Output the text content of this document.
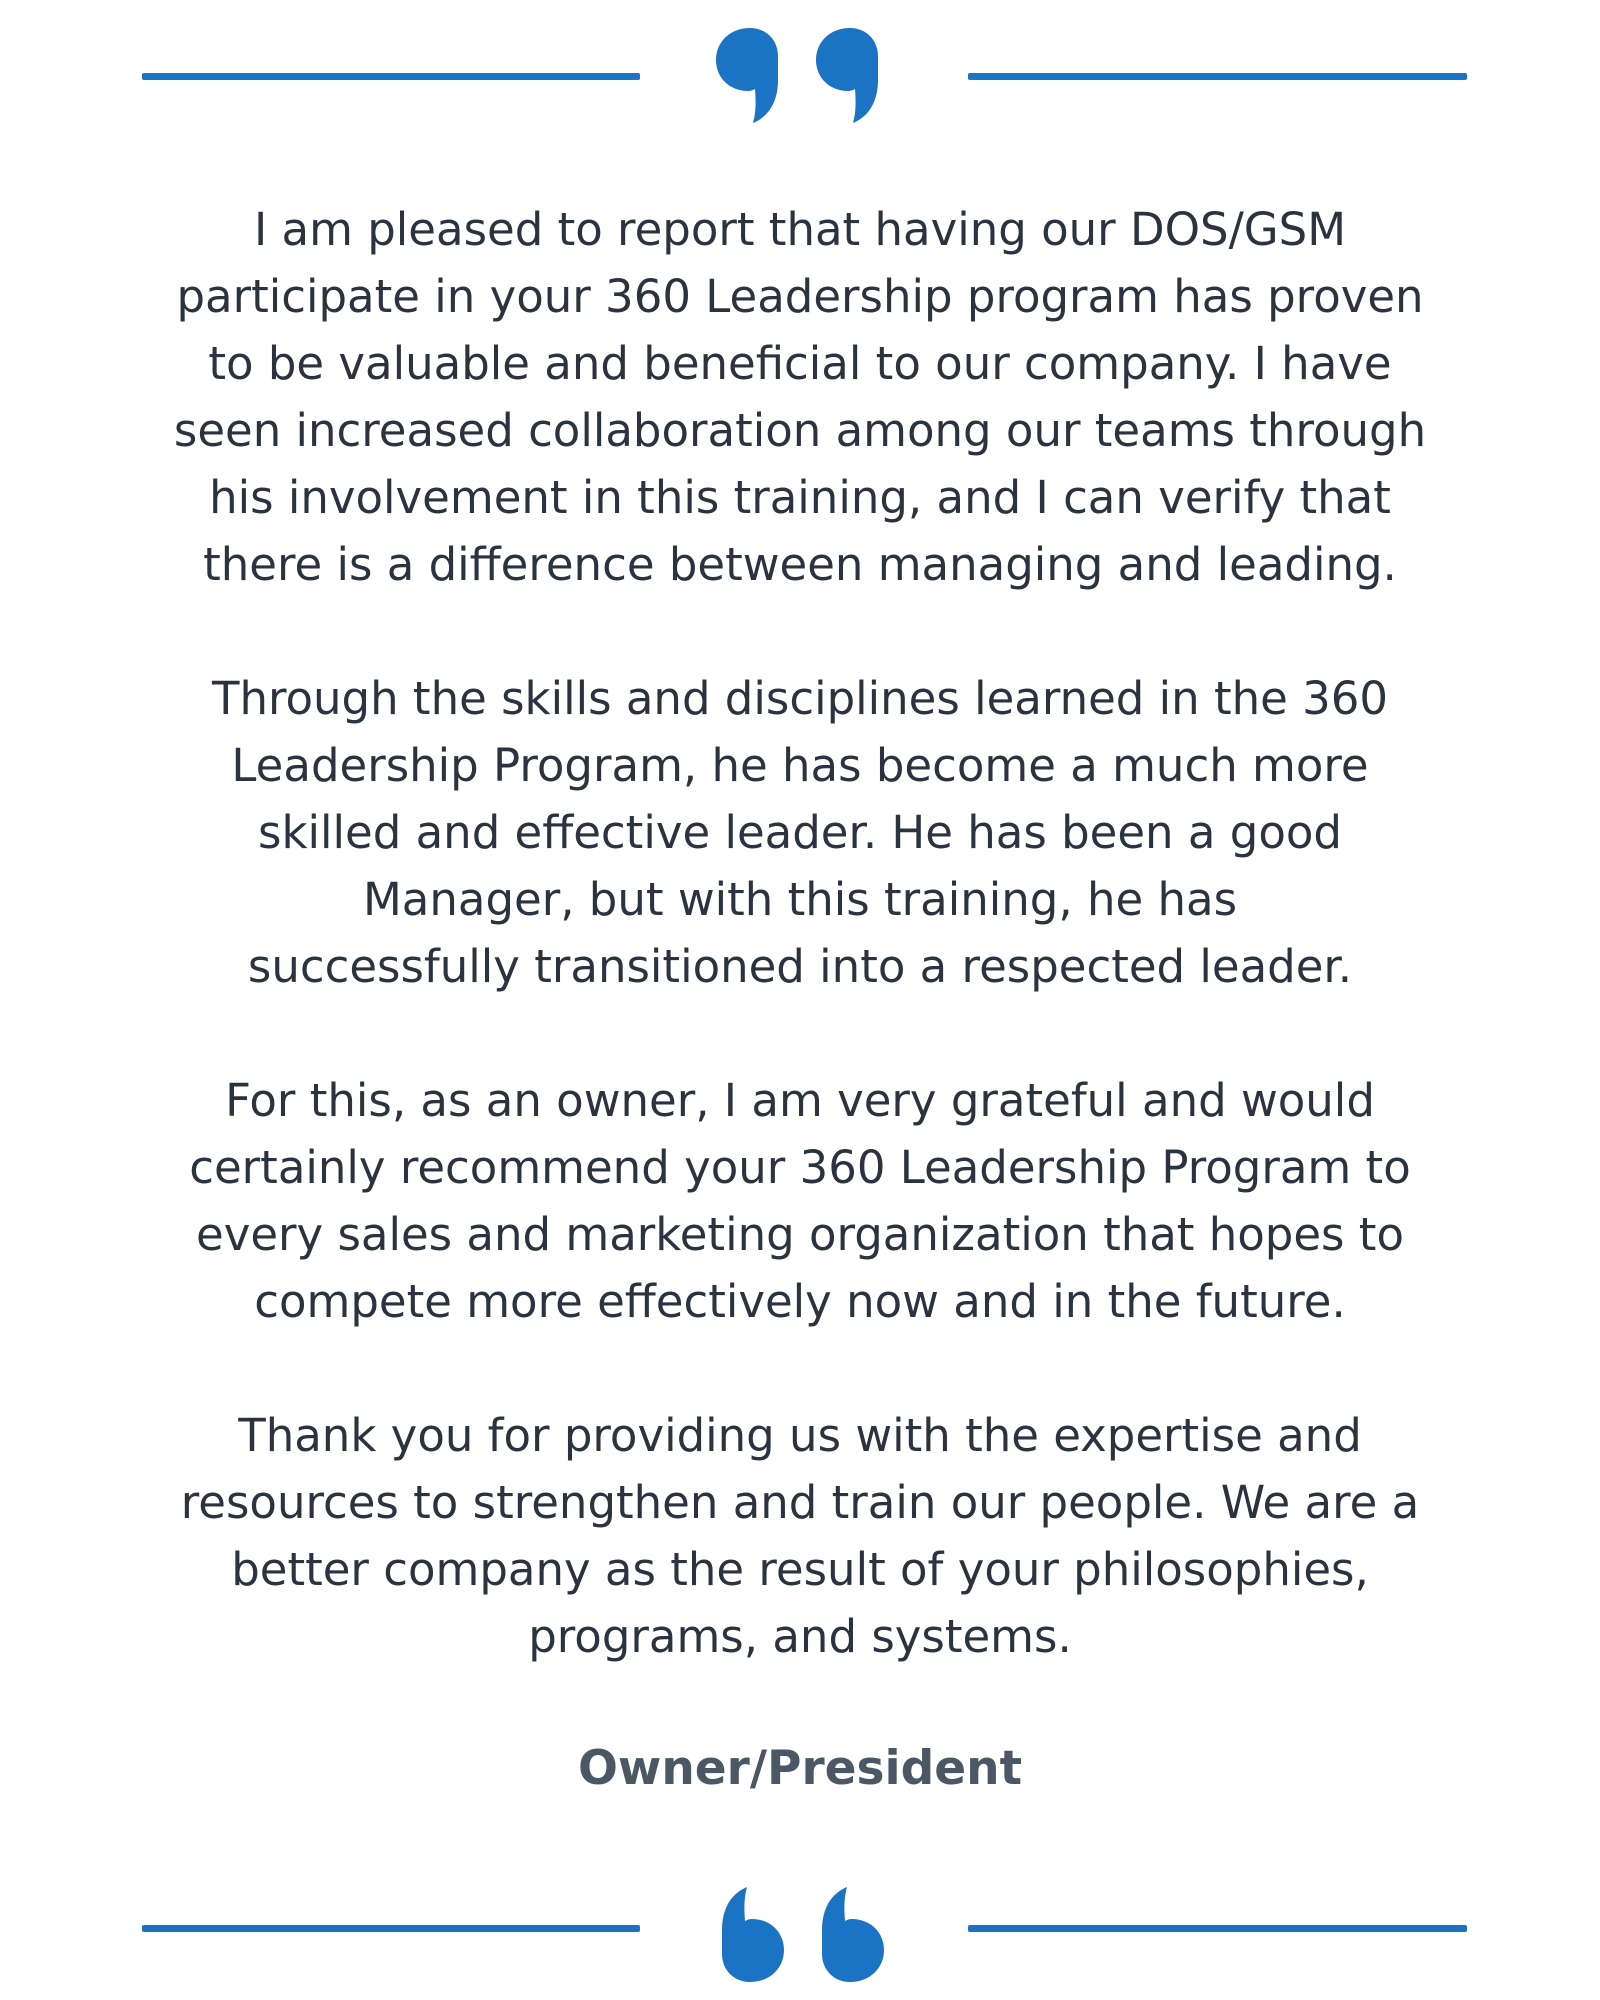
I am pleased to report that having our DOS/GSM
participate in your 360 Leadership program has proven
to be valuable and beneficial to our company. I have
seen increased collaboration among our teams through
his involvement in this training, and I can verify that
there is a difference between managing and leading.

Through the skills and disciplines learned in the 360
Leadership Program, he has become a much more
skilled and effective leader. He has been a good
Manager, but with this training, he has
successfully transitioned into a respected leader.

For this, as an owner, I am very grateful and would
certainly recommend your 360 Leadership Program to
every sales and marketing organization that hopes to
compete more effectively now and in the future.

Thank you for providing us with the expertise and
resources to strengthen and train our people. We are a
better company as the result of your philosophies,
programs, and systems.

Owner/President
